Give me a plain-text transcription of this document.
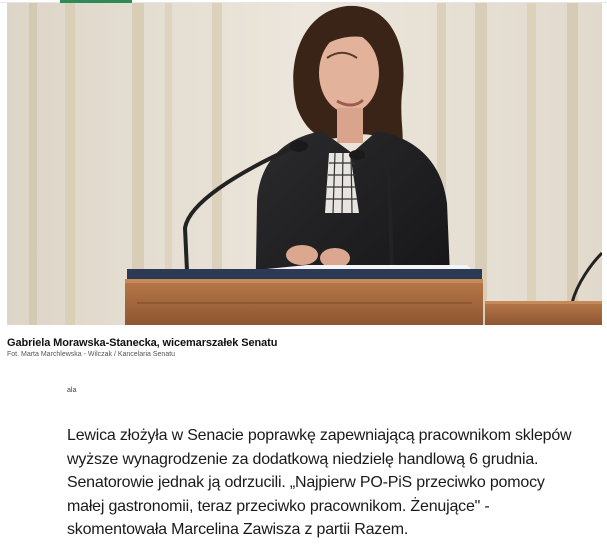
Gabriela Morawska-Stanecka, wicemarszałek Senatu
Fot. Marta Marchlewska - Wilczak / Kancelaria Senatu
ala

Lewica złożyła w Senacie poprawkę zapewniającą pracownikom sklepów

wyższe wynagrodzenie za dodatkową niedzielę handlową 6 grudnia.

Senatorowie jednak ją odrzucili. „Najpierw PO-PiS przeciwko pomocy

małej gastronomii, teraz przeciwko pracownikom. Żenujące" -

skomentowała Marcelina Zawisza z partii Razem.
